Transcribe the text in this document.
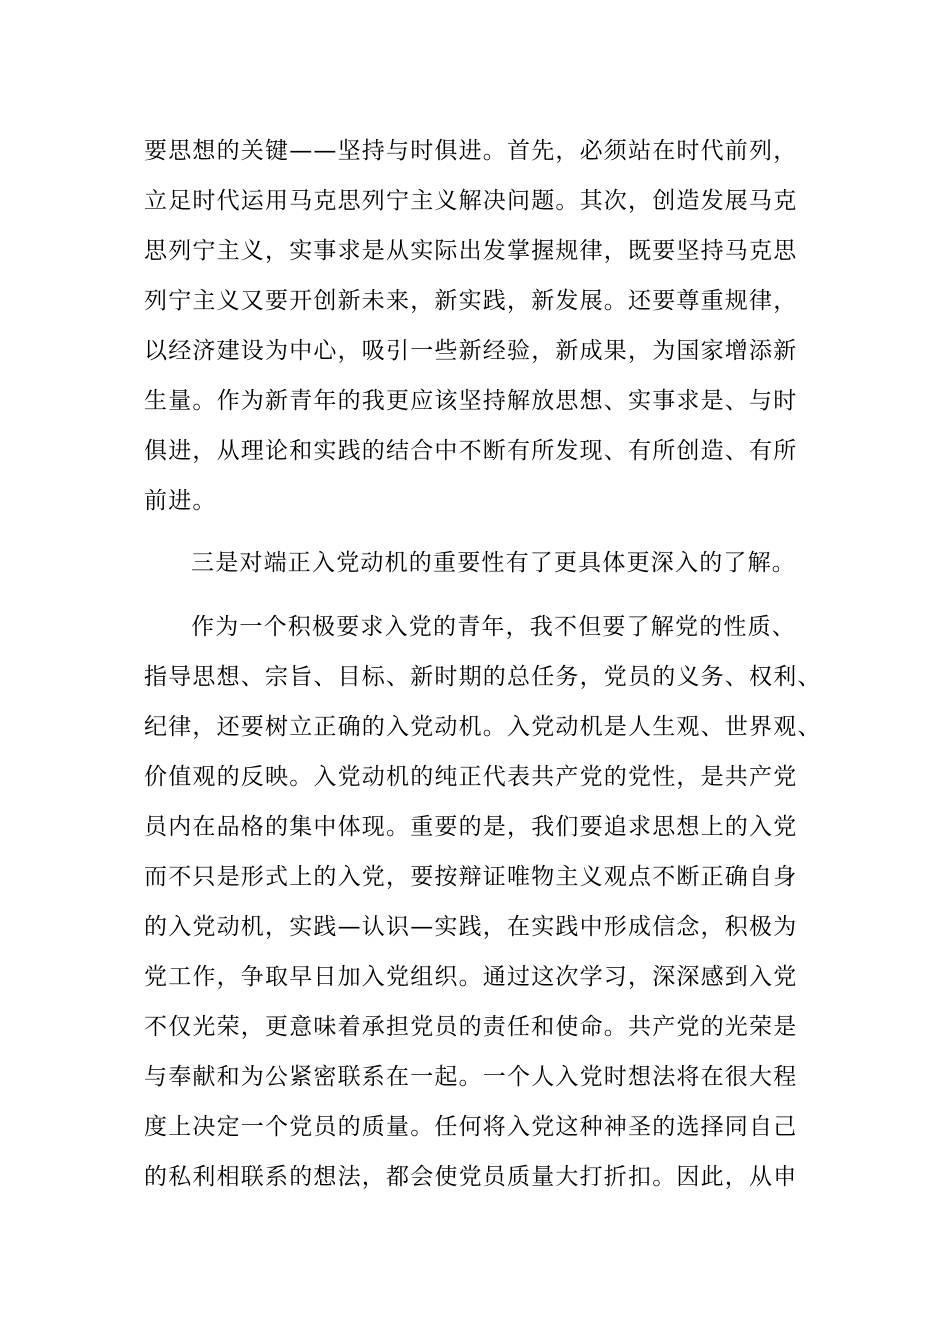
要思想的关键——坚持与时俱进。首先，必须站在时代前列，
立足时代运用马克思列宁主义解决问题。其次，创造发展马克
思列宁主义，实事求是从实际出发掌握规律，既要坚持马克思
列宁主义又要开创新未来，新实践，新发展。还要尊重规律，
以经济建设为中心，吸引一些新经验，新成果，为国家增添新
生量。作为新青年的我更应该坚持解放思想、实事求是、与时
俱进，从理论和实践的结合中不断有所发现、有所创造、有所
前进。
三是对端正入党动机的重要性有了更具体更深入的了解。
作为一个积极要求入党的青年，我不但要了解党的性质、
指导思想、宗旨、目标、新时期的总任务，党员的义务、权利、
纪律，还要树立正确的入党动机。入党动机是人生观、世界观、
价值观的反映。入党动机的纯正代表共产党的党性，是共产党
员内在品格的集中体现。重要的是，我们要追求思想上的入党
而不只是形式上的入党，要按辩证唯物主义观点不断正确自身
的入党动机，实践—认识—实践，在实践中形成信念，积极为
党工作，争取早日加入党组织。通过这次学习，深深感到入党
不仅光荣，更意味着承担党员的责任和使命。共产党的光荣是
与奉献和为公紧密联系在一起。一个人入党时想法将在很大程
度上决定一个党员的质量。任何将入党这种神圣的选择同自己
的私利相联系的想法，都会使党员质量大打折扣。因此，从申
